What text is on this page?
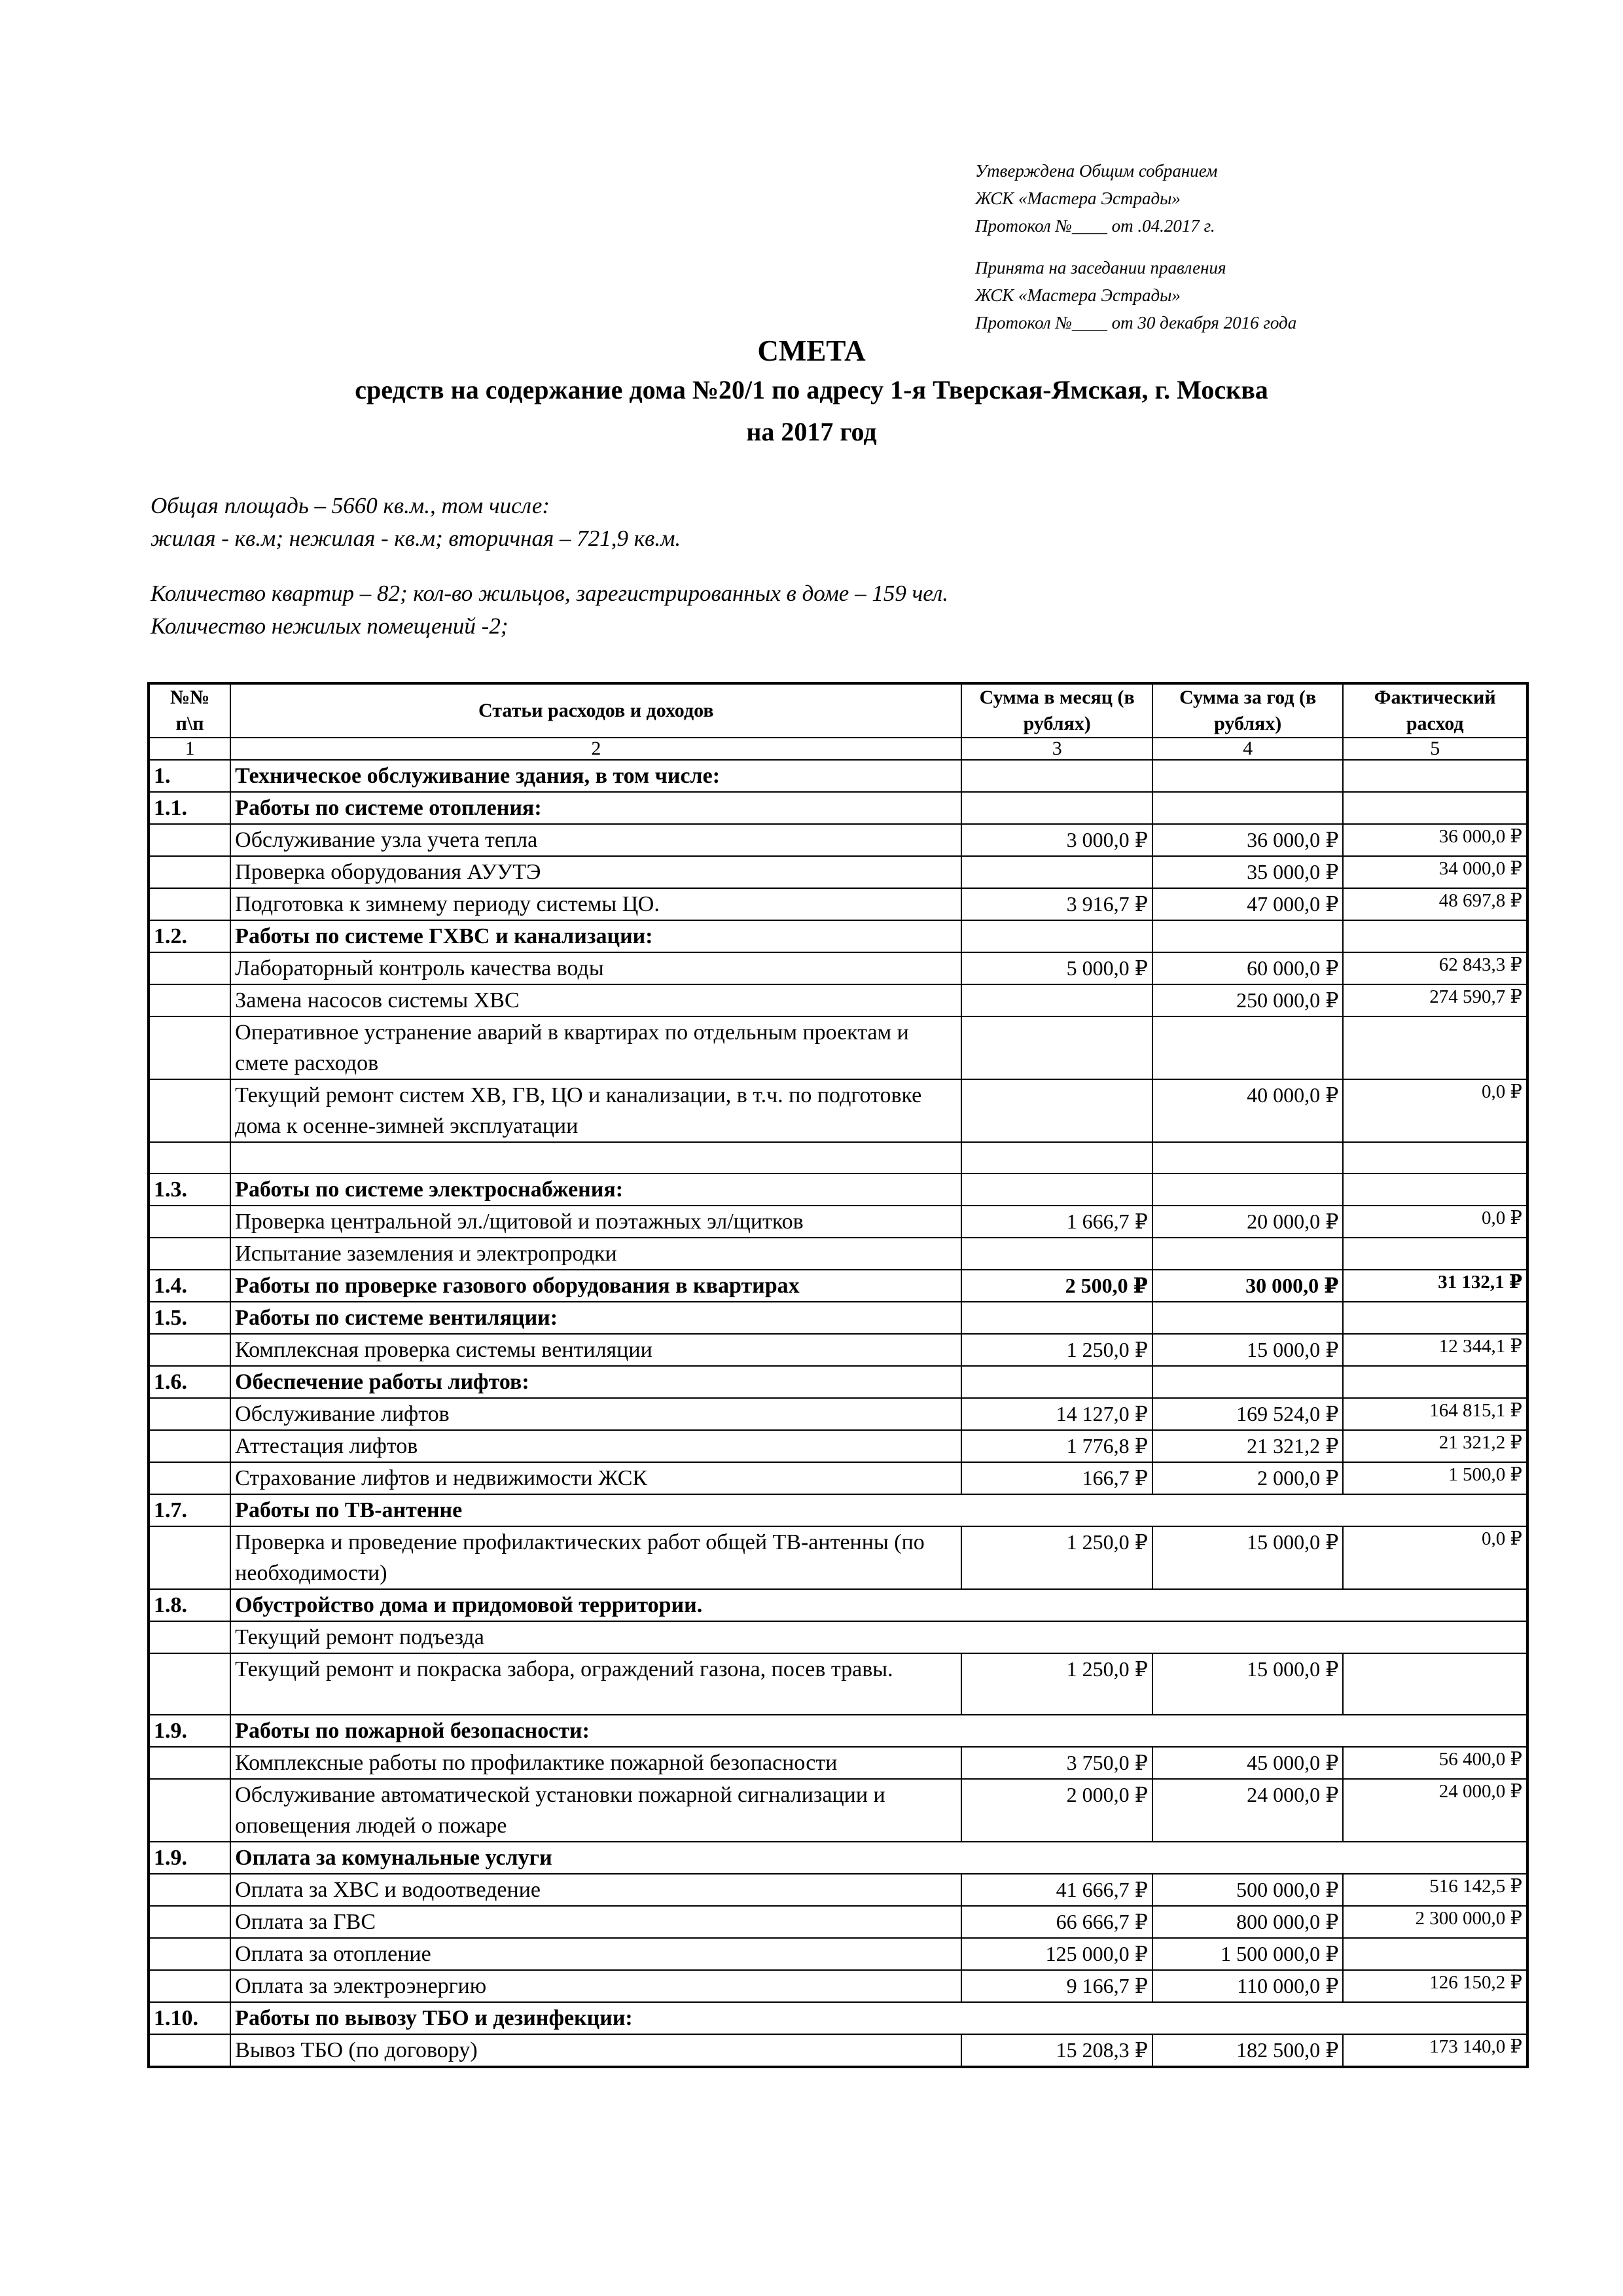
Утверждена Общим собранием
ЖСК «Мастера Эстрады»
Протокол №____ от .04.2017 г.
Принята на заседании правления
ЖСК «Мастера Эстрады»
Протокол №____ от 30 декабря 2016 года
СМЕТА
средств на содержание дома №20/1 по адресу 1-я Тверская-Ямская, г. Москва
на 2017 год
Общая площадь – 5660 кв.м., том числе:
жилая - кв.м; нежилая - кв.м; вторичная – 721,9 кв.м.
Количество квартир – 82; кол-во жильцов, зарегистрированных в доме – 159 чел.
Количество нежилых помещений -2;
№№ п\п	Статьи расходов и доходов	Сумма в месяц (в рублях)	Сумма за год (в рублях)	Фактический расход
1	2	3	4	5
1.	Техническое обслуживание здания, в том числе:			
1.1.	Работы по системе отопления:			
	Обслуживание узла учета тепла	3 000,0 ₽	36 000,0 ₽	36 000,0 ₽
	Проверка оборудования АУУТЭ		35 000,0 ₽	34 000,0 ₽
	Подготовка к зимнему периоду системы ЦО.	3 916,7 ₽	47 000,0 ₽	48 697,8 ₽
1.2.	Работы по системе ГХВС и канализации:			
	Лабораторный контроль качества воды	5 000,0 ₽	60 000,0 ₽	62 843,3 ₽
	Замена насосов системы ХВС		250 000,0 ₽	274 590,7 ₽
	Оперативное устранение аварий в квартирах по отдельным проектам и смете расходов			
	Текущий ремонт систем ХВ, ГВ, ЦО и канализации, в т.ч. по подготовке дома к осенне-зимней эксплуатации		40 000,0 ₽	0,0 ₽

1.3.	Работы по системе электроснабжения:			
	Проверка центральной эл./щитовой и поэтажных эл/щитков	1 666,7 ₽	20 000,0 ₽	0,0 ₽
	Испытание заземления и электропродки			
1.4.	Работы по проверке газового оборудования в квартирах	2 500,0 ₽	30 000,0 ₽	31 132,1 ₽
1.5.	Работы по системе вентиляции:			
	Комплексная проверка системы вентиляции	1 250,0 ₽	15 000,0 ₽	12 344,1 ₽
1.6.	Обеспечение работы лифтов:			
	Обслуживание лифтов	14 127,0 ₽	169 524,0 ₽	164 815,1 ₽
	Аттестация лифтов	1 776,8 ₽	21 321,2 ₽	21 321,2 ₽
	Страхование лифтов и недвижимости ЖСК	166,7 ₽	2 000,0 ₽	1 500,0 ₽
1.7.	Работы по ТВ-антенне			
	Проверка и проведение профилактических работ общей ТВ-антенны (по необходимости)	1 250,0 ₽	15 000,0 ₽	0,0 ₽
1.8.	Обустройство дома и придомовой территории.			
	Текущий ремонт подъезда			
	Текущий ремонт и покраска забора, ограждений газона, посев травы.	1 250,0 ₽	15 000,0 ₽	
1.9.	Работы по пожарной безопасности:			
	Комплексные работы по профилактике пожарной безопасности	3 750,0 ₽	45 000,0 ₽	56 400,0 ₽
	Обслуживание автоматической установки пожарной сигнализации и оповещения людей о пожаре	2 000,0 ₽	24 000,0 ₽	24 000,0 ₽
1.9.	Оплата за комунальные услуги			
	Оплата за ХВС и водоотведение	41 666,7 ₽	500 000,0 ₽	516 142,5 ₽
	Оплата за ГВС	66 666,7 ₽	800 000,0 ₽	2 300 000,0 ₽
	Оплата за отопление	125 000,0 ₽	1 500 000,0 ₽	
	Оплата за электроэнергию	9 166,7 ₽	110 000,0 ₽	126 150,2 ₽
1.10.	Работы по вывозу ТБО и дезинфекции:			
	Вывоз ТБО (по договору)	15 208,3 ₽	182 500,0 ₽	173 140,0 ₽
